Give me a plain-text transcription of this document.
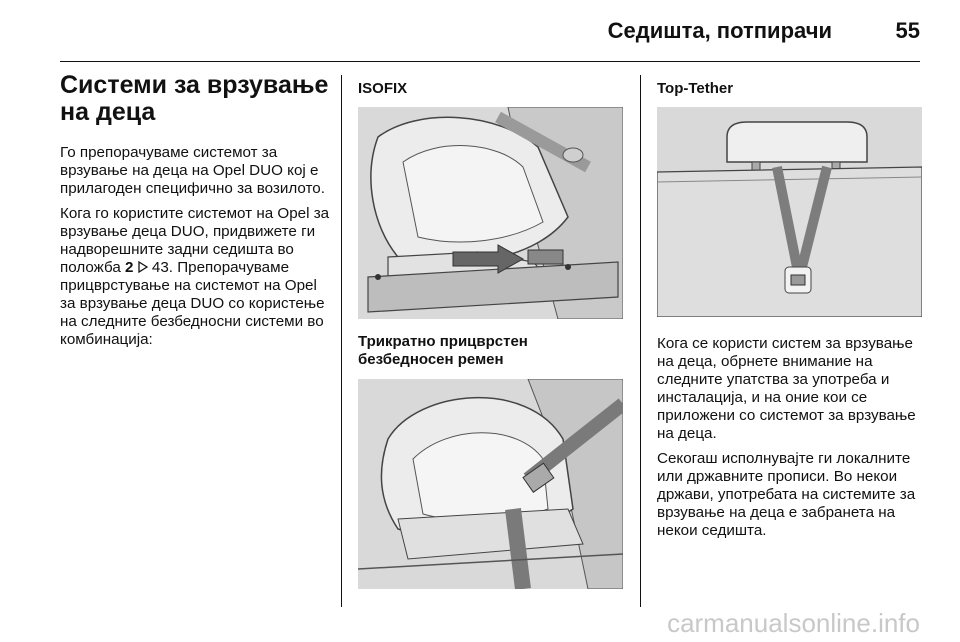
Седишта, потпирачи	55
Системи за врзување на деца

Го препорачуваме системот за врзување на деца на Opel DUO кој е прилагоден специфично за возилото.

Кога го користите системот на Opel за врзување деца DUO, придвижете ги надворешните задни седишта во положба 2  43. Препорачуваме прицврстување на системот на Opel за врзување деца DUO со користење на следните безбедносни системи во комбинација:

ISOFIX
Трикратно прицврстен безбедносен ремен
Top-Tether

Кога се користи систем за врзување на деца, обрнете внимание на следните упатства за употреба и инсталација, и на оние кои се приложени со системот за врзување на деца.

Секогаш исполнувајте ги локалните или државните прописи. Во некои држави, употребата на системите за врзување на деца е забранета на некои седишта.

carmanualsonline.info
